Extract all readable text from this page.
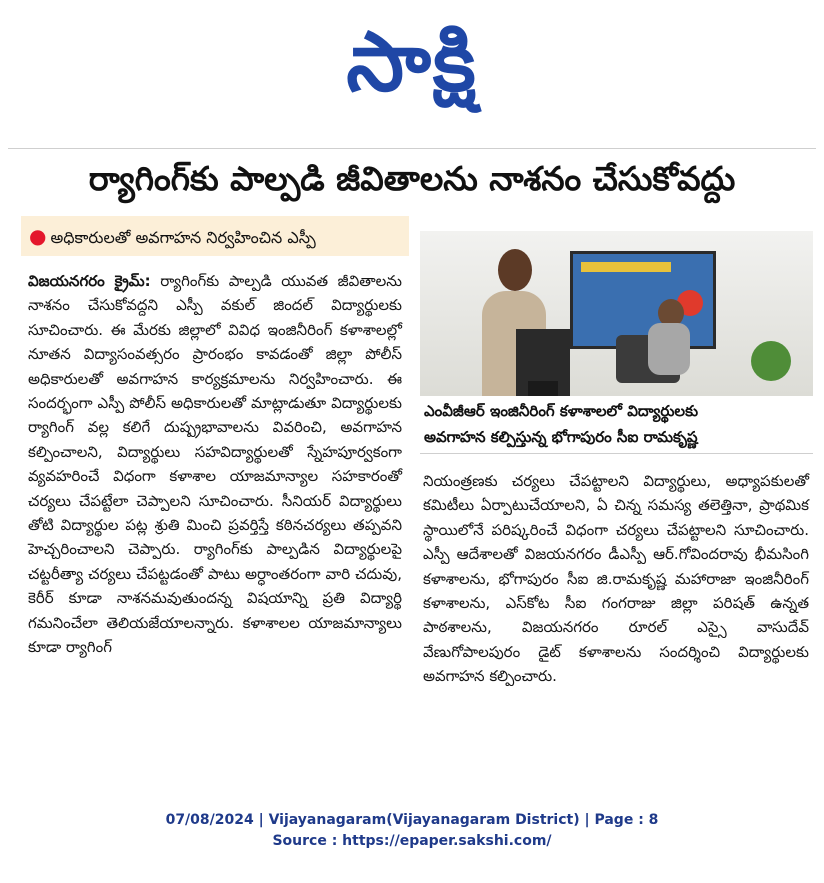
సాక్షి
ర్యాగింగ్‌కు పాల్పడి జీవితాలను నాశనం చేసుకోవద్దు
● అధికారులతో అవగాహన నిర్వహించిన ఎస్పీ

విజయనగరం క్రైమ్‌: ర్యాగింగ్‌కు పాల్పడి యువత జీవితాలను నాశనం చేసుకోవద్దని ఎస్పీ వకుల్‌ జిందల్‌ విద్యార్థులకు సూచించారు. ఈ మేరకు జిల్లాలో వివిధ ఇంజినీరింగ్‌ కళాశాలల్లో నూతన విద్యాసంవత్సరం ప్రారంభం కావడంతో జిల్లా పోలీస్‌ అధికారులతో అవగాహన కార్యక్రమాలను నిర్వహించారు. ఈ సందర్భంగా ఎస్పీ పోలీస్‌ అధికారులతో మాట్లాడుతూ విద్యార్థులకు ర్యాగింగ్‌ వల్ల కలిగే దుష్ప్రభావాలను వివరించి, అవగాహన కల్పించాలని, విద్యార్థులు సహవిద్యార్థులతో స్నేహపూర్వకంగా వ్యవహరించే విధంగా కళాశాల యాజమాన్యాల సహకారంతో చర్యలు చేపట్టేలా చెప్పాలని సూచించారు. సీనియర్‌ విద్యార్థులు తోటి విద్యార్థుల పట్ల శ్రుతి మించి ప్రవర్తిస్తే కఠినచర్యలు తప్పవని హెచ్చరించాలని చెప్పారు. ర్యాగింగ్‌కు పాల్పడిన విద్యార్థులపై చట్టరీత్యా చర్యలు చేపట్టడంతో పాటు అర్ధాంతరంగా వారి చదువు, కెరీర్‌ కూడా నాశనమవుతుందన్న విషయాన్ని ప్రతి విద్యార్థి గమనించేలా తెలియజేయాలన్నారు. కళాశాలల యాజమాన్యాలు కూడా ర్యాగింగ్‌

ఎంవీజీఆర్‌ ఇంజినీరింగ్‌ కళాశాలలో విద్యార్థులకు
అవగాహన కల్పిస్తున్న భోగాపురం సీఐ రామకృష్ణ

నియంత్రణకు చర్యలు చేపట్టాలని విద్యార్థులు, అధ్యాపకులతో కమిటీలు ఏర్పాటుచేయాలని, ఏ చిన్న సమస్య తలెత్తినా, ప్రాథమిక స్థాయిలోనే పరిష్కరించే విధంగా చర్యలు చేపట్టాలని సూచించారు. ఎస్పీ ఆదేశాలతో విజయనగరం డీఎస్పీ ఆర్‌.గోవిందరావు భీమసింగి కళాశాలను, భోగాపురం సీఐ జి.రామకృష్ణ మహారాజా ఇంజినీరింగ్‌ కళాశాలను, ఎస్‌కోట సీఐ గంగరాజు జిల్లా పరిషత్‌ ఉన్నత పాఠశాలను, విజయనగరం రూరల్‌ ఎస్సై వాసుదేవ్‌ వేణుగోపాలపురం డైట్‌ కళాశాలను సందర్శించి విద్యార్థులకు అవగాహన కల్పించారు.

07/08/2024 | Vijayanagaram(Vijayanagaram District) | Page : 8
Source : https://epaper.sakshi.com/
